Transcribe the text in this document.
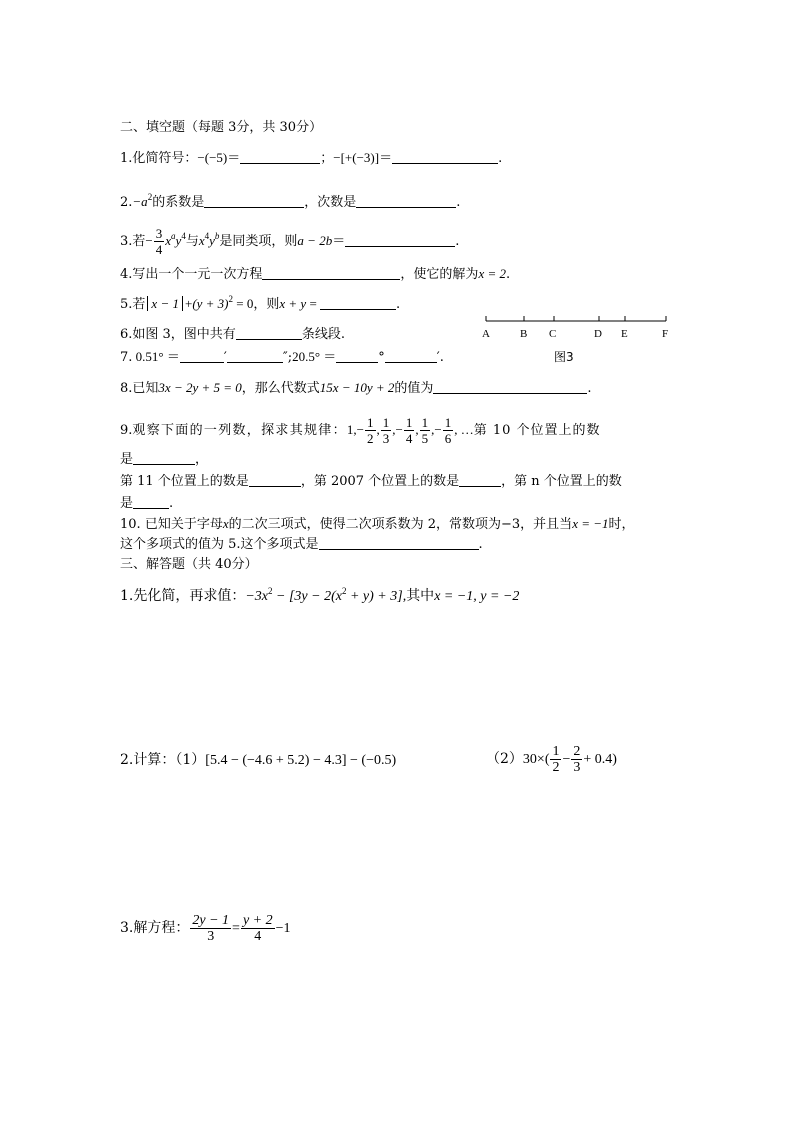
二、填空题（每题 3分，共 30分）
1.化简符号：−(−5)＝	；−[+(−3)]＝	.
$2.-a^2$的系数是	，次数是	.
3.若− $\frac{3}{4} x^ay^4$与$x^4y^b$是同类项，则a − 2b＝	.
4.写出一个一元一次方程	，使它的解为x = 2.
5.若 $x - 1 +(y + 3)^2 = 0$，则x + y =	.
6.如图 3，图中共有	条线段.
7. 0.51° ＝	′	″;20.5° ＝	°	′.
A	B C	D E	F
图3
8.已知3x − 2y + 5 = 0，那么代数式15x − 10y + 2的值为	.
9.观察下面的一列数，探求其规律：$1,- \frac{1}{2}$ , $\frac{1}{3}$ ,− $\frac{1}{4}$ , $\frac{1}{5}$ ,− $\frac{1}{6}$ , …第 10 个位置上的数
是	，
第 11 个位置上的数是	，第 2007 个位置上的数是	，第 n 个位置上的数
是	.
10. 已知关于字母x的二次三项式，使得二次项系数为 2，常数项为−3，并且当x = −1时，
这个多项式的值为 5.这个多项式是	.
三、解答题（共 40分）
1.先化简，再求值：$-3x^2 - [3y - 2(x^2 + y) + 3]$,其中x = −1, y = −2
2.计算：（1）[5.4 − (−4.6 + 5.2) − 4.3] − (−0.5)	$(2)30\times( \frac{1}{2} - \frac{2}{3} + 0.4)$
3.解方程： $\frac{2y - 1}{3} = \frac{y + 2}{4} -1$
